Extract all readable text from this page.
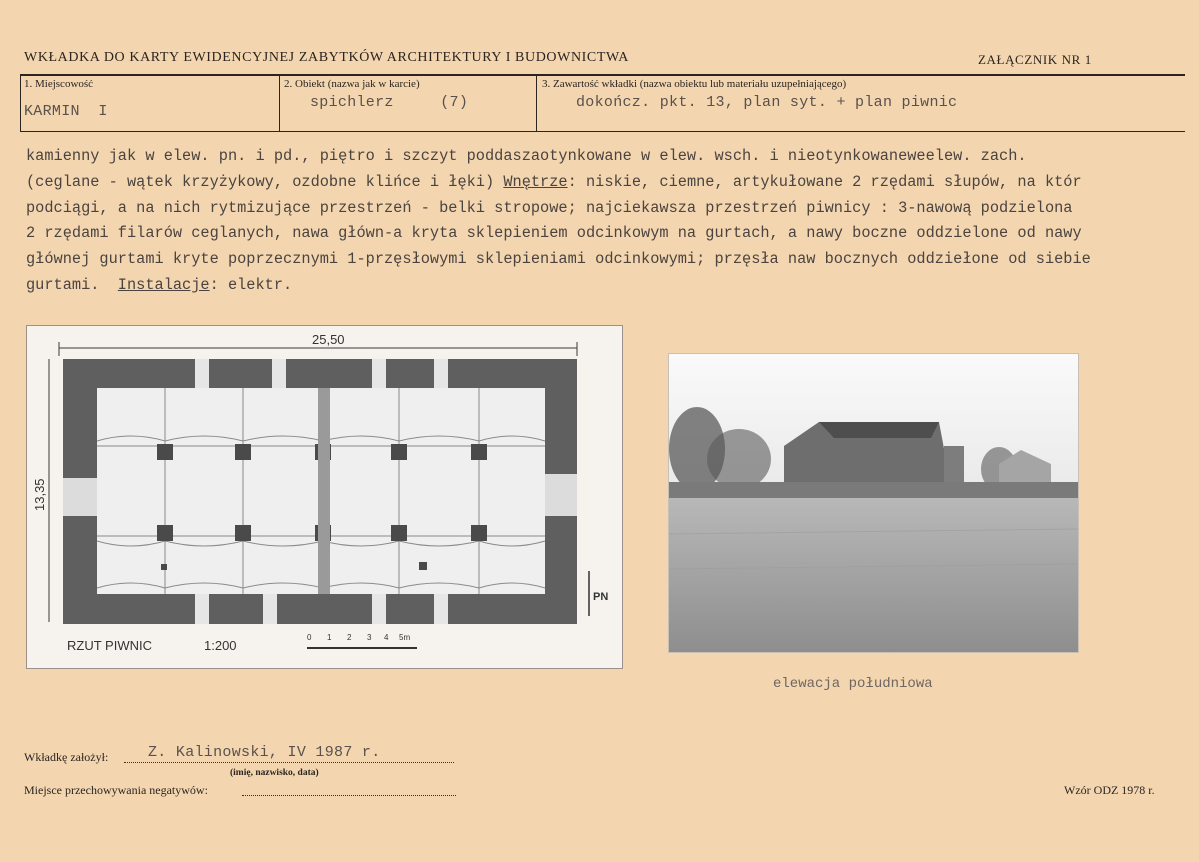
WKŁADKA DO KARTY EWIDENCYJNEJ ZABYTKÓW ARCHITEKTURY I BUDOWNICTWA	ZAŁĄCZNIK NR 1
1. Miejscowość
KARMIN  I
2. Obiekt (nazwa jak w karcie)
spichlerz     (7)
3. Zawartość wkładki (nazwa obiektu lub materiału uzupełniającego)
dokończ. pkt. 13, plan syt. + plan piwnic
kamienny jak w elew. pn. i pd., piętro i szczyt poddaszaotynkowane w elew. wsch. i nieotynkowaneweelew. zach.
(ceglane - wątek krzyżykowy, ozdobne klińce i łęki) Wnętrze: niskie, ciemne, artykułowane 2 rzędami słupów, na któr
podciągi, a na nich rytmizujące przestrzeń - belki stropowe; najciekawsza przestrzeń piwnicy : 3-nawową podzielona
2 rzędami filarów ceglanych, nawa główn-a kryta sklepieniem odcinkowym na gurtach, a nawy boczne oddzielone od nawy
głównej gurtami kryte poprzecznymi 1-przęsłowymi sklepieniami odcinkowymi; przęsła naw bocznych oddziełone od siebie
gurtami.  Instalacje: elektr.
25,50
13,35
RZUT PIWNIC	1:200
0 1 2 3 4 5m
PN
elewacja południowa
Wkładkę założył:	Z. Kalinowski, IV 1987 r.
(imię, nazwisko, data)
Miejsce przechowywania negatywów:	Wzór ODZ 1978 r.
